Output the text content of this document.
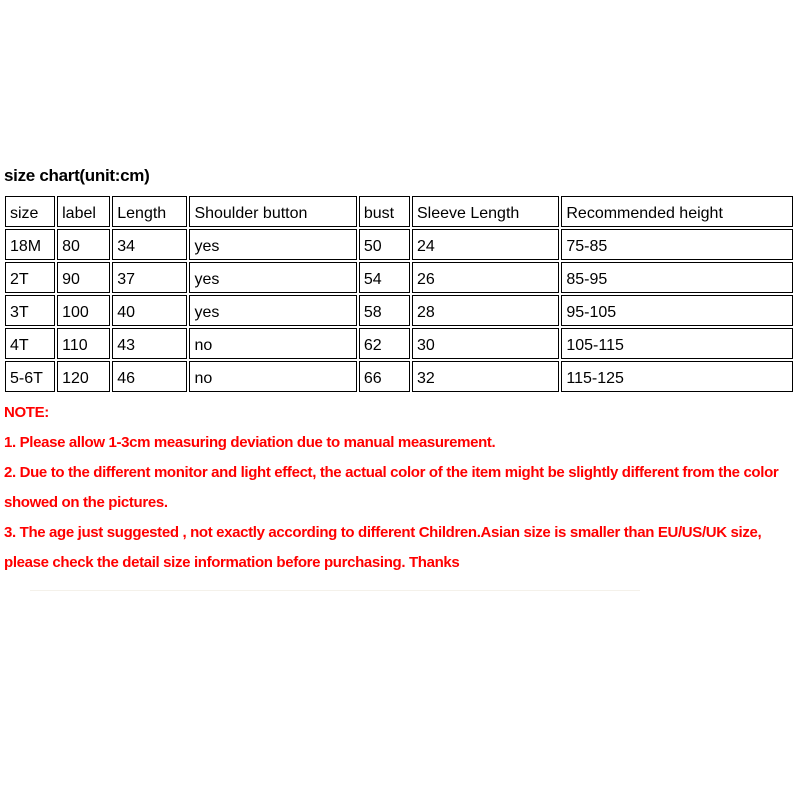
size chart(unit:cm)
size	label	Length	Shoulder button	bust	Sleeve Length	Recommended height
18M	80	34	yes	50	24	75-85
2T	90	37	yes	54	26	85-95
3T	100	40	yes	58	28	95-105
4T	110	43	no	62	30	105-115
5-6T	120	46	no	66	32	115-125
NOTE:
1. Please allow 1-3cm measuring deviation due to manual measurement.
2. Due to the different monitor and light effect, the actual color of the item might be slightly different from the color
showed on the pictures.
3. The age just suggested , not exactly according to different Children.Asian size is smaller than EU/US/UK size,
please check the detail size information before purchasing. Thanks
